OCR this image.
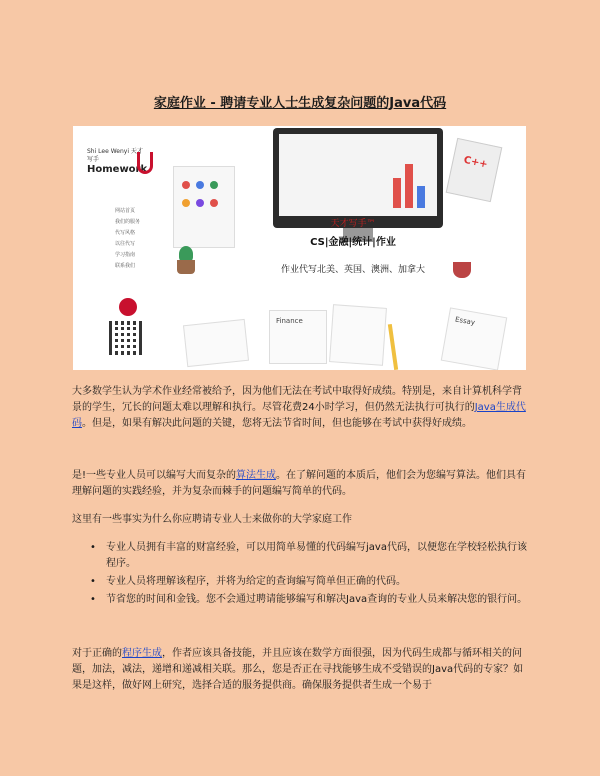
家庭作业 - 聘请专业人士生成复杂问题的Java代码
Shi Lee Wenyi 天才写手
Homework
网站首页
我们的服务
代写风格
以往代写
学习指南
联系我们
C++
天才写手™
CS|金融|统计|作业
作业代写北美、英国、澳洲、加拿大
Finance	Essay
大多数学生认为学术作业经常被给予，因为他们无法在考试中取得好成绩。特别是，来自计算机科学背景的学生，冗长的问题太难以理解和执行。尽管花费24小时学习，但仍然无法执行可执行的Java生成代码。但是，如果有解决此问题的关键，您将无法节省时间，但也能够在考试中获得好成绩。
是!一些专业人员可以编写大而复杂的算法生成。在了解问题的本质后，他们会为您编写算法。他们具有理解问题的实践经验，并为复杂而棘手的问题编写简单的代码。
这里有一些事实为什么你应聘请专业人士来做你的大学家庭工作
• 专业人员拥有丰富的财富经验，可以用简单易懂的代码编写java代码，以便您在学校轻松执行该程序。
• 专业人员将理解该程序，并将为给定的查询编写简单但正确的代码。
• 节省您的时间和金钱。您不会通过聘请能够编写和解决Java查询的专业人员来解决您的银行问。
对于正确的程序生成，作者应该具备技能，并且应该在数学方面很强，因为代码生成都与循环相关的问题，加法，减法，递增和递减相关联。那么，您是否正在寻找能够生成不受错误的Java代码的专家？如果是这样，做好网上研究，选择合适的服务提供商。确保服务提供者生成一个易于
